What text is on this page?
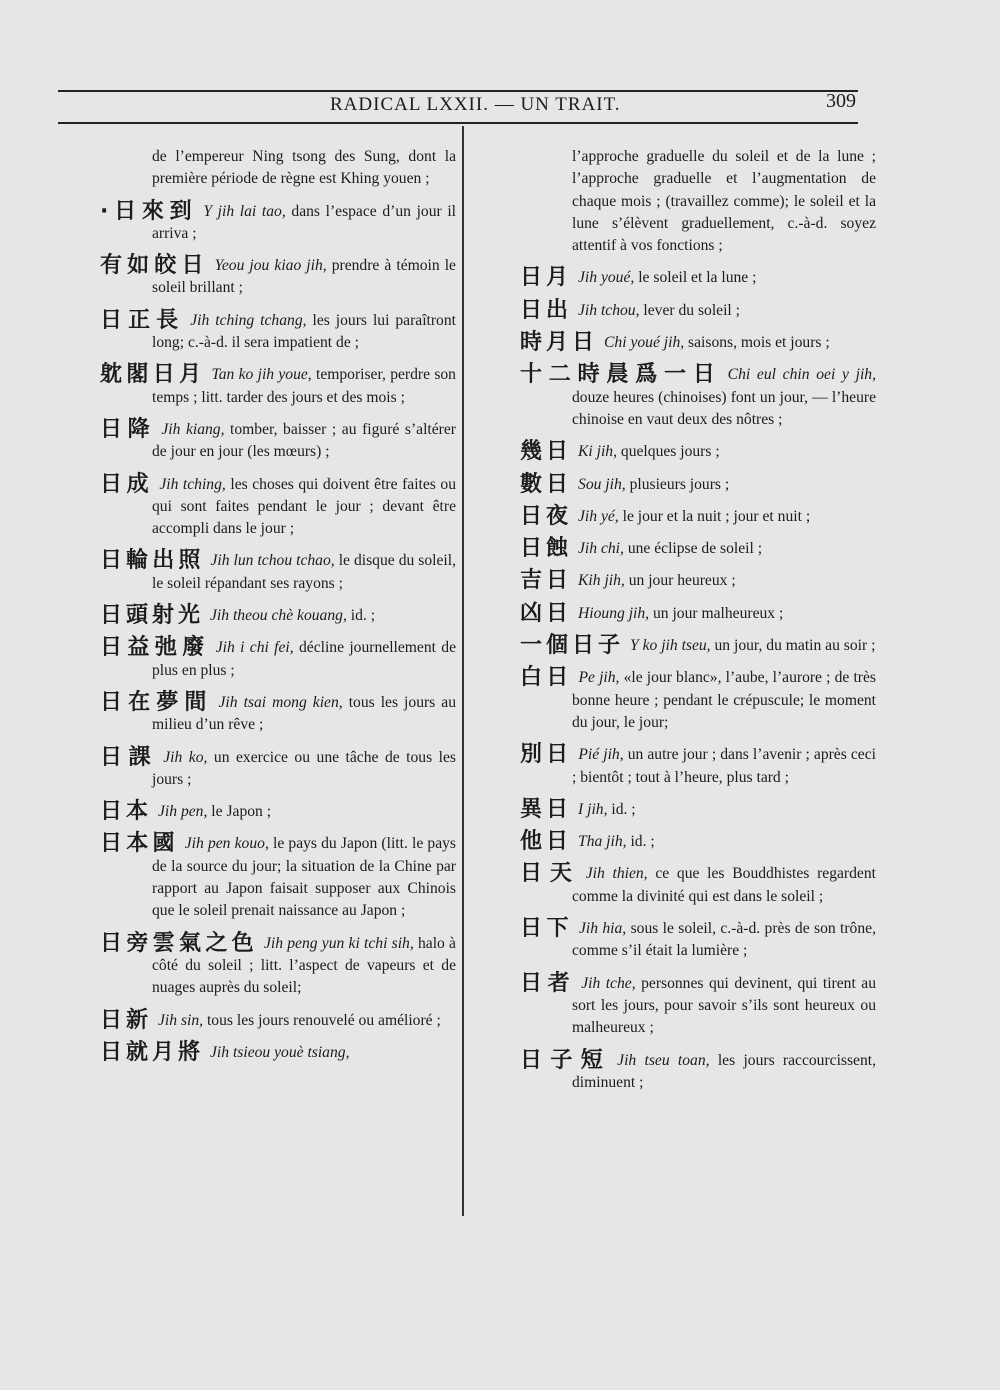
RADICAL LXXII. — UN TRAIT.	309
de l’empereur Ning tsong des Sung, dont la première période de règne est Khing youen ;
·日來到 Y jih lai tao, dans l’espace d’un jour il arriva ;
有如皎日 Yeou jou kiao jih, prendre à témoin le soleil brillant ;
日正長 Jih tching tchang, les jours lui paraîtront long; c.-à-d. il sera impatient de ;
躭閣日月 Tan ko jih youe, temporiser, perdre son temps ; litt. tarder des jours et des mois ;
日降 Jih kiang, tomber, baisser ; au figuré s’altérer de jour en jour (les mœurs) ;
日成 Jih tching, les choses qui doivent être faites ou qui sont faites pendant le jour ; devant être accompli dans le jour ;
日輪出照 Jih lun tchou tchao, le disque du soleil, le soleil répandant ses rayons ;
日頭射光 Jih theou chè kouang, id. ;
日益弛廢 Jih i chi fei, décline journellement de plus en plus ;
日在夢間 Jih tsai mong kien, tous les jours au milieu d’un rêve ;
日課 Jih ko, un exercice ou une tâche de tous les jours ;
日本 Jih pen, le Japon ;
日本國 Jih pen kouo, le pays du Japon (litt. le pays de la source du jour; la situation de la Chine par rapport au Japon faisait supposer aux Chinois que le soleil prenait naissance au Japon ;
日旁雲氣之色 Jih peng yun ki tchi sih, halo à côté du soleil ; litt. l’aspect de vapeurs et de nuages auprès du soleil;
日新 Jih sin, tous les jours renouvelé ou amélioré ;
日就月將 Jih tsieou youè tsiang,
l’approche graduelle du soleil et de la lune ; l’approche graduelle et l’augmentation de chaque mois ; (travaillez comme); le soleil et la lune s’élèvent graduellement, c.-à-d. soyez attentif à vos fonctions ;
日月 Jih youé, le soleil et la lune ;
日出 Jih tchou, lever du soleil ;
時月日 Chi youé jih, saisons, mois et jours ;
十二時晨爲一日 Chi eul chin oei y jih, douze heures (chinoises) font un jour, — l’heure chinoise en vaut deux des nôtres ;
幾日 Ki jih, quelques jours ;
數日 Sou jih, plusieurs jours ;
日夜 Jih yé, le jour et la nuit ; jour et nuit ;
日蝕 Jih chi, une éclipse de soleil ;
吉日 Kih jih, un jour heureux ;
凶日 Hioung jih, un jour malheureux ;
一個日子 Y ko jih tseu, un jour, du matin au soir ;
白日 Pe jih, «le jour blanc», l’aube, l’aurore ; de très bonne heure ; pendant le crépuscule; le moment du jour, le jour;
別日 Pié jih, un autre jour ; dans l’avenir ; après ceci ; bientôt ; tout à l’heure, plus tard ;
異日 I jih, id. ;
他日 Tha jih, id. ;
日天 Jih thien, ce que les Bouddhistes regardent comme la divinité qui est dans le soleil ;
日下 Jih hia, sous le soleil, c.-à-d. près de son trône, comme s’il était la lumière ;
日者 Jih tche, personnes qui devinent, qui tirent au sort les jours, pour savoir s’ils sont heureux ou malheureux ;
日子短 Jih tseu toan, les jours raccourcissent, diminuent ;
